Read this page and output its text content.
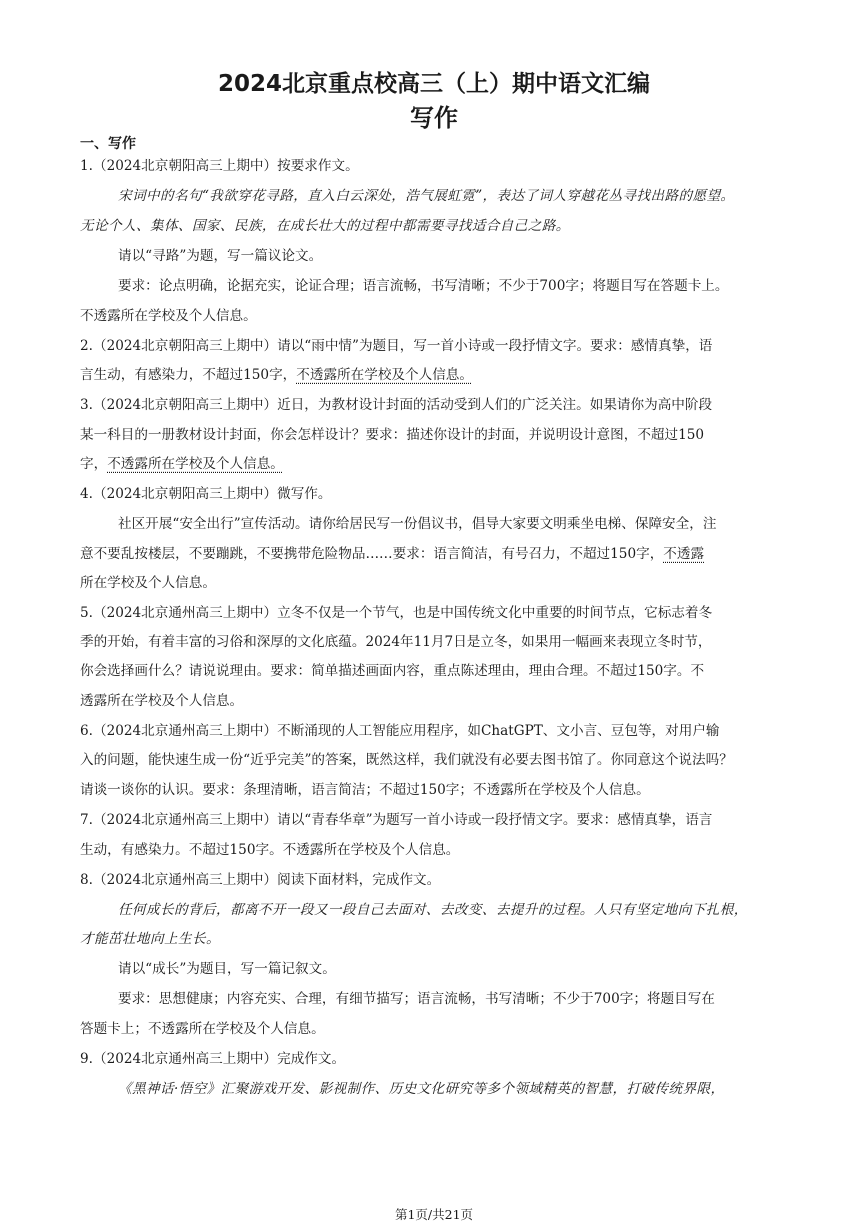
2024北京重点校高三（上）期中语文汇编
写作
一、写作
1.（2024北京朝阳高三上期中）按要求作文。
宋词中的名句“我欲穿花寻路，直入白云深处，浩气展虹霓”，表达了词人穿越花丛寻找出路的愿望。
无论个人、集体、国家、民族，在成长壮大的过程中都需要寻找适合自己之路。
请以“寻路”为题，写一篇议论文。
要求：论点明确，论据充实，论证合理；语言流畅，书写清晰；不少于700字；将题目写在答题卡上。
不透露所在学校及个人信息。
2.（2024北京朝阳高三上期中）请以“雨中情”为题目，写一首小诗或一段抒情文字。要求：感情真挚，语
言生动，有感染力，不超过150字，不透露所在学校及个人信息。
3.（2024北京朝阳高三上期中）近日，为教材设计封面的活动受到人们的广泛关注。如果请你为高中阶段
某一科目的一册教材设计封面，你会怎样设计？要求：描述你设计的封面，并说明设计意图，不超过150
字，不透露所在学校及个人信息。
4.（2024北京朝阳高三上期中）微写作。
社区开展“安全出行”宣传活动。请你给居民写一份倡议书，倡导大家要文明乘坐电梯、保障安全，注
意不要乱按楼层，不要蹦跳，不要携带危险物品……要求：语言简洁，有号召力，不超过150字，不透露
所在学校及个人信息。
5.（2024北京通州高三上期中）立冬不仅是一个节气，也是中国传统文化中重要的时间节点，它标志着冬
季的开始，有着丰富的习俗和深厚的文化底蕴。2024年11月7日是立冬，如果用一幅画来表现立冬时节，
你会选择画什么？请说说理由。要求：简单描述画面内容，重点陈述理由，理由合理。不超过150字。不
透露所在学校及个人信息。
6.（2024北京通州高三上期中）不断涌现的人工智能应用程序，如ChatGPT、文小言、豆包等，对用户输
入的问题，能快速生成一份“近乎完美”的答案，既然这样，我们就没有必要去图书馆了。你同意这个说法吗？
请谈一谈你的认识。要求：条理清晰，语言简洁；不超过150字；不透露所在学校及个人信息。
7.（2024北京通州高三上期中）请以“青春华章”为题写一首小诗或一段抒情文字。要求：感情真挚，语言
生动，有感染力。不超过150字。不透露所在学校及个人信息。
8.（2024北京通州高三上期中）阅读下面材料，完成作文。
任何成长的背后，都离不开一段又一段自己去面对、去改变、去提升的过程。人只有坚定地向下扎根，
才能茁壮地向上生长。
请以“成长”为题目，写一篇记叙文。
要求：思想健康；内容充实、合理，有细节描写；语言流畅，书写清晰；不少于700字；将题目写在
答题卡上；不透露所在学校及个人信息。
9.（2024北京通州高三上期中）完成作文。
《黑神话·悟空》汇聚游戏开发、影视制作、历史文化研究等多个领域精英的智慧，打破传统界限，
第1页/共21页
